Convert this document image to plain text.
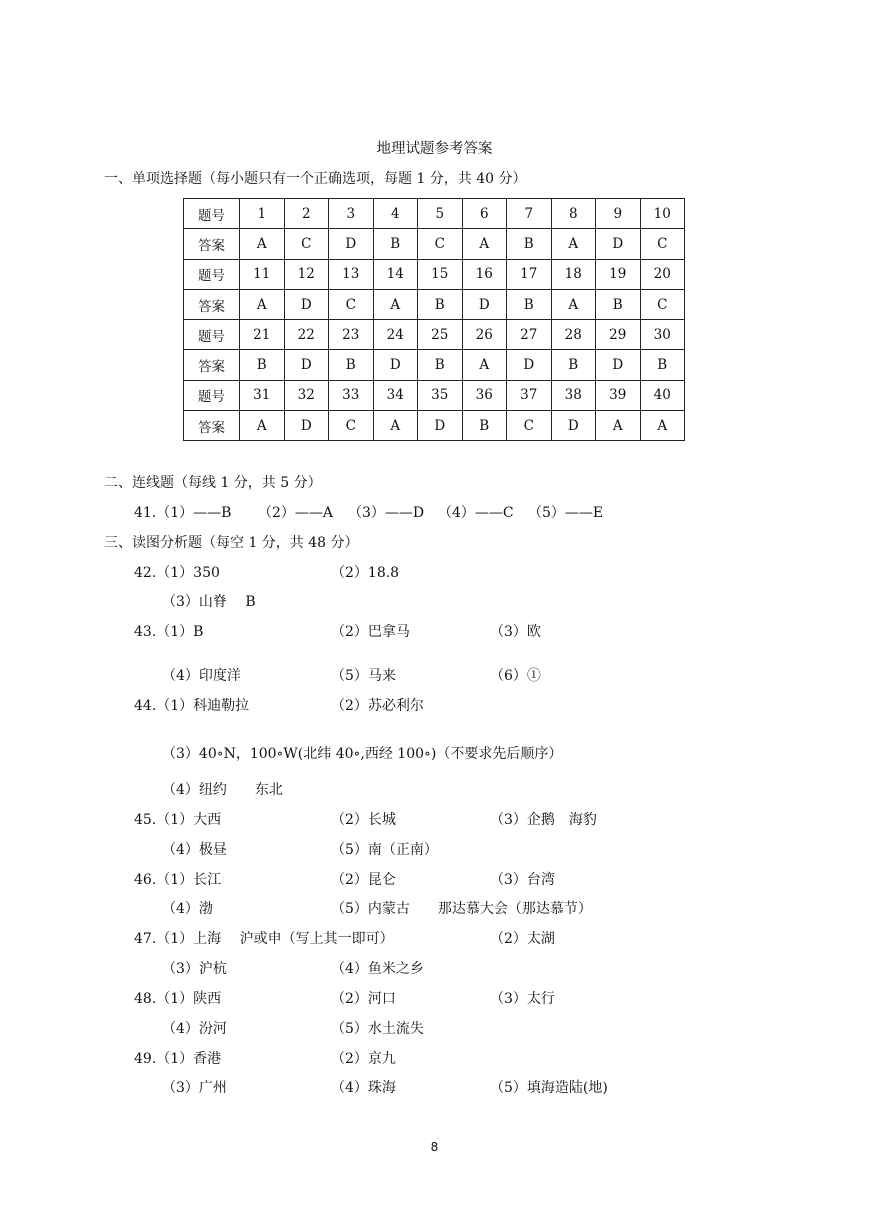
地理试题参考答案
一、单项选择题（每小题只有一个正确选项，每题 1 分，共 40 分）
题号	1	2	3	4	5	6	7	8	9	10
答案	A	C	D	B	C	A	B	A	D	C
题号	11	12	13	14	15	16	17	18	19	20
答案	A	D	C	A	B	D	B	A	B	C
题号	21	22	23	24	25	26	27	28	29	30
答案	B	D	B	D	B	A	D	B	D	B
题号	31	32	33	34	35	36	37	38	39	40
答案	A	D	C	A	D	B	C	D	A	A
二、连线题（每线 1 分，共 5 分）
41.（1）——B （2）——A （3）——D （4）——C （5）——E
三、读图分析题（每空 1 分，共 48 分）
42.（1）350	（2）18.8
（3）山脊　 B
43.（1）B	（2）巴拿马	（3）欧
（4）印度洋	（5）马来	（6）①
44.（1）科迪勒拉	（2）苏必利尔
（3）40∘N，100∘W(北纬 40∘,西经 100∘)（不要求先后顺序）
（4）纽约　　东北
45.（1）大西	（2）长城	（3）企鹅　海豹
（4）极昼	（5）南（正南）
46.（1）长江	（2）昆仑	（3）台湾
（4）渤	（5）内蒙古　　那达慕大会（那达慕节）
47.（1）上海　 沪或申（写上其一即可）	（2）太湖
（3）沪杭	（4）鱼米之乡
48.（1）陕西	（2）河口	（3）太行
（4）汾河	（5）水土流失
49.（1）香港	（2）京九
（3）广州	（4）珠海	（5）填海造陆(地)
8
